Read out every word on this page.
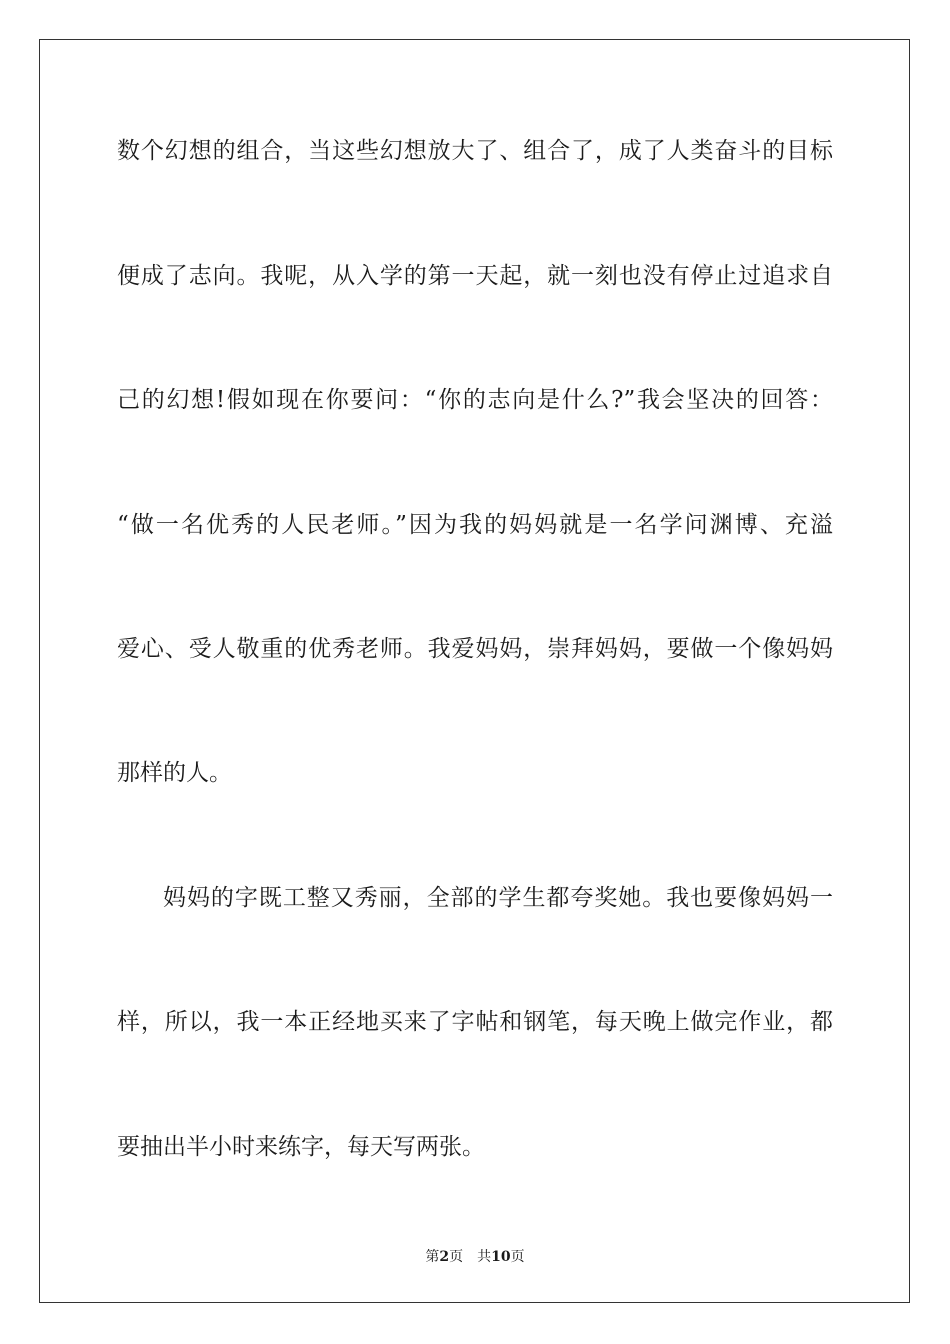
数个幻想的组合，当这些幻想放大了、组合了，成了人类奋斗的目标
便成了志向。我呢，从入学的第一天起，就一刻也没有停止过追求自
己的幻想!假如现在你要问：“你的志向是什么?”我会坚决的回答：
“做一名优秀的人民老师。”因为我的妈妈就是一名学问渊博、充溢
爱心、受人敬重的优秀老师。我爱妈妈，崇拜妈妈，要做一个像妈妈
那样的人。
妈妈的字既工整又秀丽，全部的学生都夸奖她。我也要像妈妈一
样，所以，我一本正经地买来了字帖和钢笔，每天晚上做完作业，都
要抽出半小时来练字，每天写两张。
第2页 共10页
